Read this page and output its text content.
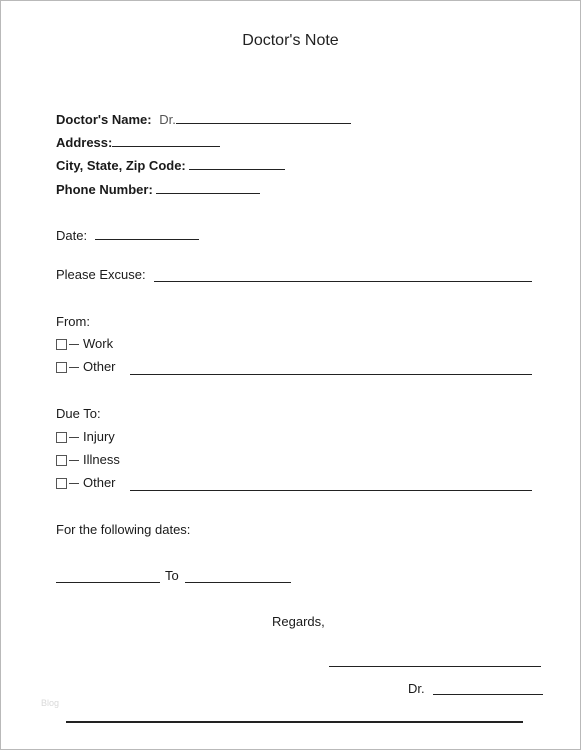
Doctor's Note
Doctor's Name: Dr.
Address:
City, State, Zip Code:
Phone Number:
Date:
Please Excuse:
From:
Work
Other
Due To:
Injury
Illness
Other
For the following dates:
To
Regards,
Dr.
Blog
